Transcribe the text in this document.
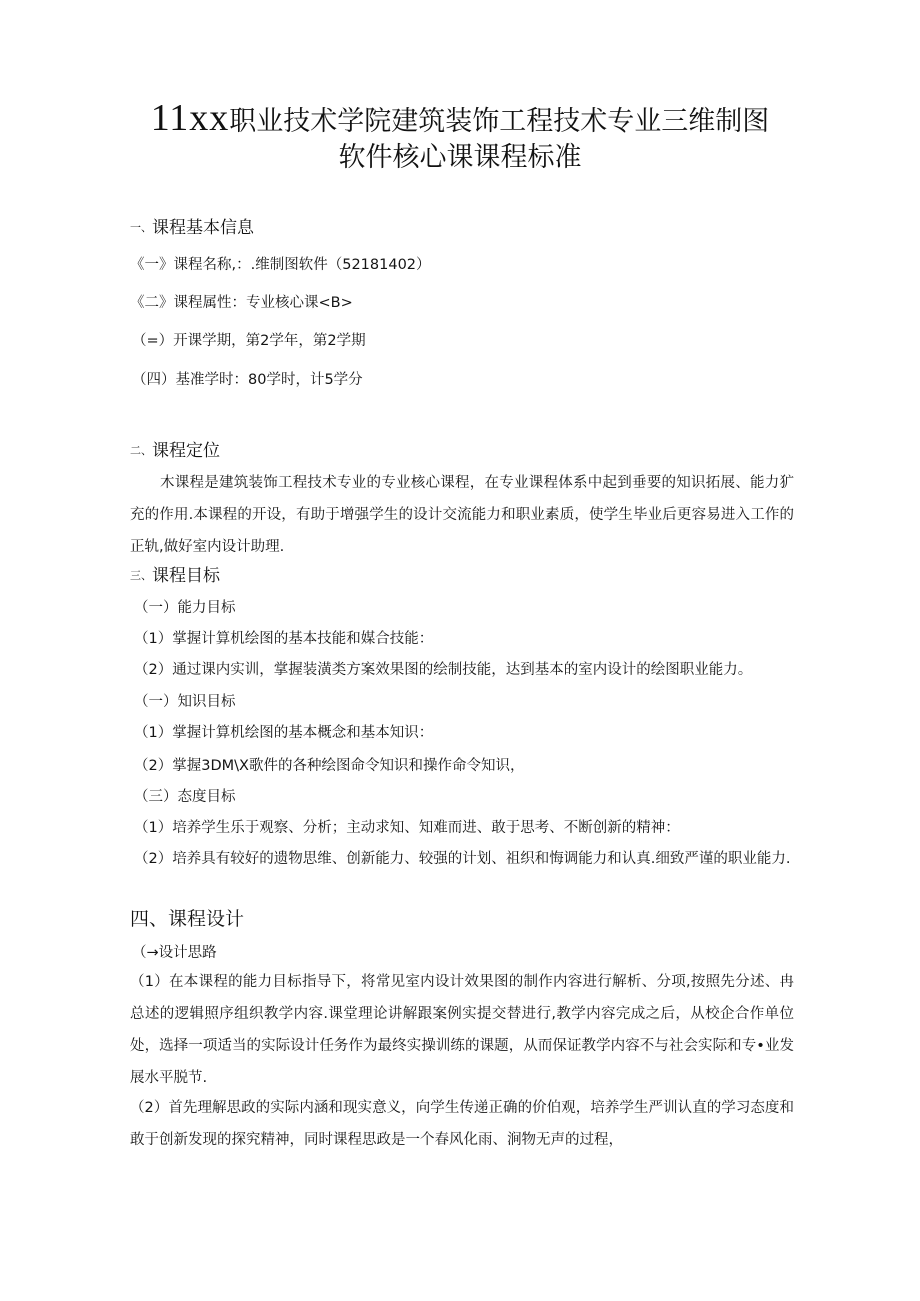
11xx职业技术学院建筑装饰工程技术专业三维制图
软件核心课课程标准
一、课程基本信息
《一》课程名称,：.维制图软件（52181402）
《二》课程属性：专业核心课<B>
（=）开课学期，第2学年，第2学期
（四）基准学时：80学时，计5学分
二、课程定位
木课程是建筑装饰工程技术专业的专业核心课程，在专业课程体系中起到垂要的知识拓展、能力犷充的作用.本课程的开设，有助于增强学生的设计交流能力和职业素质，使学生毕业后更容易进入工作的正轨,做好室内设计助理.
三、课程目标
（一）能力目标
（1）掌握计算机绘图的基本技能和媒合技能：
（2）通过课内实训，掌握装潢类方案效果图的绘制技能，达到基本的室内设计的绘图职业能力。
（一）知识目标
（1）掌握计算机绘图的基本概念和基本知识：
（2）掌握3DM\X歌件的各种绘图命令知识和操作命令知识，
（三）态度目标
（1）培养学生乐于观察、分析；主动求知、知难而进、敢于思考、不断创新的精神：
（2）培养具有较好的遗物思维、创新能力、较强的计划、祖织和悔调能力和认真.细致严谨的职业能力.
四、课程设计
（→设计思路
（1）在本课程的能力目标指导下，将常见室内设计效果图的制作内容进行解析、分项,按照先分述、冉总述的逻辑照序组织教学内容.课堂理论讲解跟案例实提交替进行,教学内容完成之后，从校企合作单位处，选择一项适当的实际设计任务作为最终实操训练的课题，从而保证教学内容不与社会实际和专•业发展水平脱节.
（2）首先理解思政的实际内涵和现实意义，向学生传递正确的价伯观，培养学生严训认直的学习态度和敢于创新发现的探究精神，同时课程思政是一个春风化雨、涧物无声的过程，
